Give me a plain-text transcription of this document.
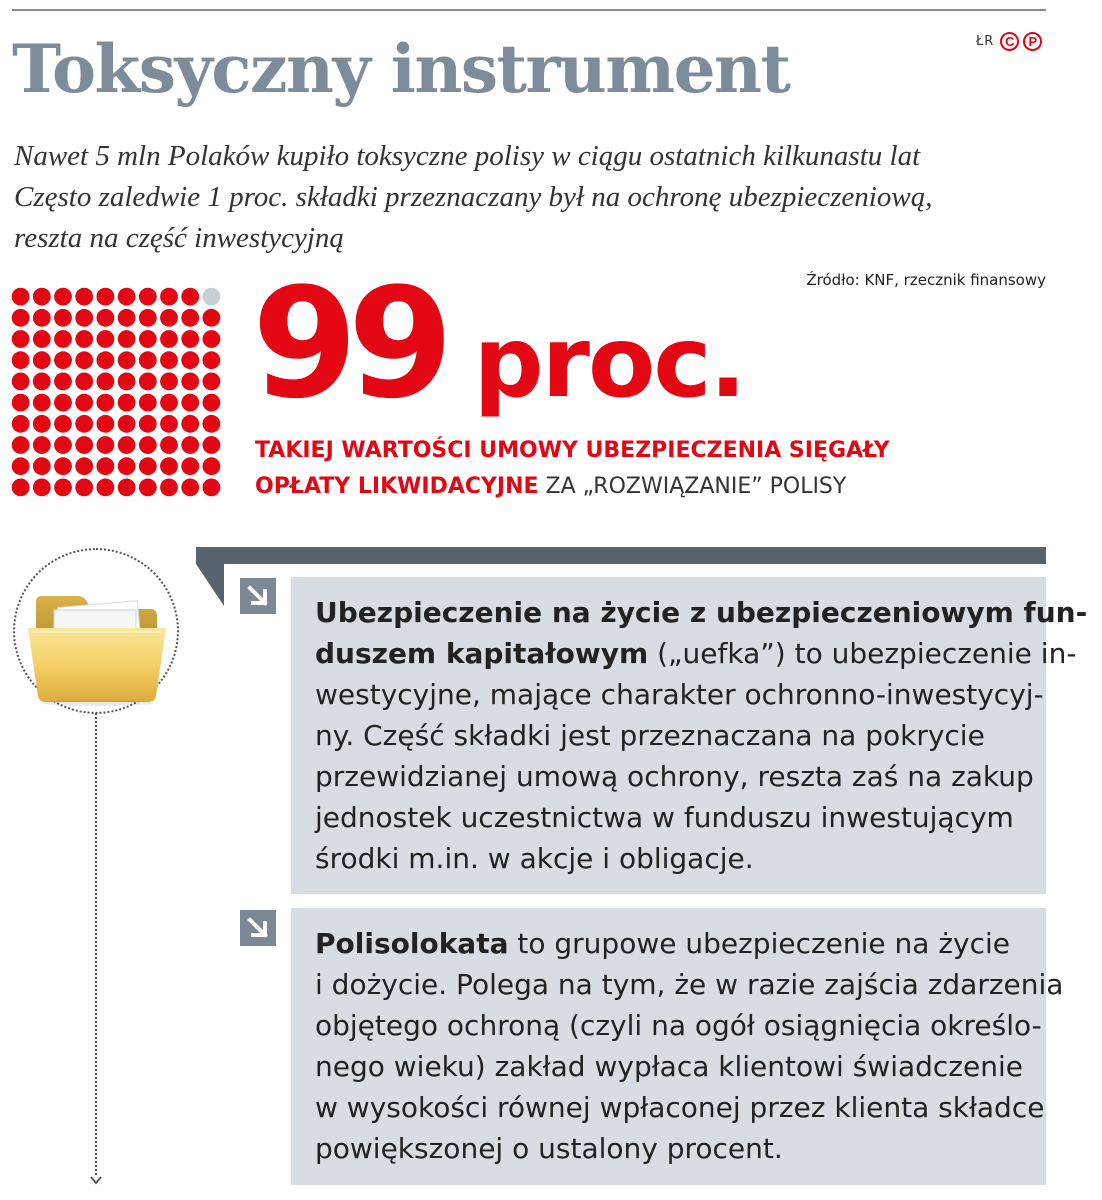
ŁR C	P
Toksyczny instrument

Nawet 5 mln Polaków kupiło toksyczne polisy w ciągu ostatnich kilkunastu lat
Często zaledwie 1 proc. składki przeznaczany był na ochronę ubezpieczeniową,
reszta na część inwestycyjną

Źródło: KNF, rzecznik finansowy

99 proc.

TAKIEJ WARTOŚCI UMOWY UBEZPIECZENIA SIĘGAŁY
OPŁATY LIKWIDACYJNE ZA „ROZWIĄZANIE” POLISY

Ubezpieczenie na życie z ubezpieczeniowym fun-
duszem kapitałowym („uefka”) to ubezpieczenie in-
westycyjne, mające charakter ochronno-inwestycyj-
ny. Część składki jest przeznaczana na pokrycie
przewidzianej umową ochrony, reszta zaś na zakup
jednostek uczestnictwa w funduszu inwestującym
środki m.in. w akcje i obligacje.

Polisolokata to grupowe ubezpieczenie na życie
i dożycie. Polega na tym, że w razie zajścia zdarzenia
objętego ochroną (czyli na ogół osiągnięcia określo-
nego wieku) zakład wypłaca klientowi świadczenie
w wysokości równej wpłaconej przez klienta składce
powiększonej o ustalony procent.
